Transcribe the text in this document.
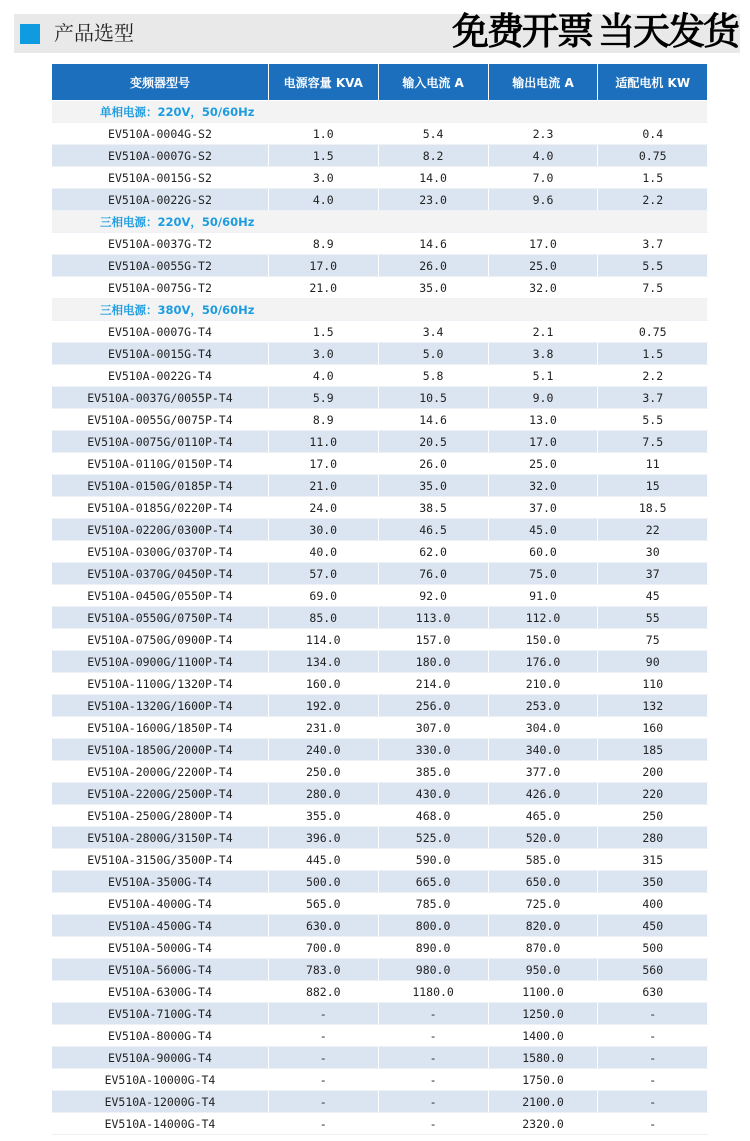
产品选型
变频器型号	电源容量 KVA	输入电流 A	输出电流 A	适配电机 KW
单相电源：220V，50/60Hz				
EV510A-0004G-S2	1.0	5.4	2.3	0.4
EV510A-0007G-S2	1.5	8.2	4.0	0.75
EV510A-0015G-S2	3.0	14.0	7.0	1.5
EV510A-0022G-S2	4.0	23.0	9.6	2.2
三相电源：220V，50/60Hz				
EV510A-0037G-T2	8.9	14.6	17.0	3.7
EV510A-0055G-T2	17.0	26.0	25.0	5.5
EV510A-0075G-T2	21.0	35.0	32.0	7.5
三相电源：380V，50/60Hz				
EV510A-0007G-T4	1.5	3.4	2.1	0.75
EV510A-0015G-T4	3.0	5.0	3.8	1.5
EV510A-0022G-T4	4.0	5.8	5.1	2.2
EV510A-0037G/0055P-T4	5.9	10.5	9.0	3.7
EV510A-0055G/0075P-T4	8.9	14.6	13.0	5.5
EV510A-0075G/0110P-T4	11.0	20.5	17.0	7.5
EV510A-0110G/0150P-T4	17.0	26.0	25.0	11
EV510A-0150G/0185P-T4	21.0	35.0	32.0	15
EV510A-0185G/0220P-T4	24.0	38.5	37.0	18.5
EV510A-0220G/0300P-T4	30.0	46.5	45.0	22
EV510A-0300G/0370P-T4	40.0	62.0	60.0	30
EV510A-0370G/0450P-T4	57.0	76.0	75.0	37
EV510A-0450G/0550P-T4	69.0	92.0	91.0	45
EV510A-0550G/0750P-T4	85.0	113.0	112.0	55
EV510A-0750G/0900P-T4	114.0	157.0	150.0	75
EV510A-0900G/1100P-T4	134.0	180.0	176.0	90
EV510A-1100G/1320P-T4	160.0	214.0	210.0	110
EV510A-1320G/1600P-T4	192.0	256.0	253.0	132
EV510A-1600G/1850P-T4	231.0	307.0	304.0	160
EV510A-1850G/2000P-T4	240.0	330.0	340.0	185
EV510A-2000G/2200P-T4	250.0	385.0	377.0	200
EV510A-2200G/2500P-T4	280.0	430.0	426.0	220
EV510A-2500G/2800P-T4	355.0	468.0	465.0	250
EV510A-2800G/3150P-T4	396.0	525.0	520.0	280
EV510A-3150G/3500P-T4	445.0	590.0	585.0	315
EV510A-3500G-T4	500.0	665.0	650.0	350
EV510A-4000G-T4	565.0	785.0	725.0	400
EV510A-4500G-T4	630.0	800.0	820.0	450
EV510A-5000G-T4	700.0	890.0	870.0	500
EV510A-5600G-T4	783.0	980.0	950.0	560
EV510A-6300G-T4	882.0	1180.0	1100.0	630
EV510A-7100G-T4	-	-	1250.0	-
EV510A-8000G-T4	-	-	1400.0	-
EV510A-9000G-T4	-	-	1580.0	-
EV510A-10000G-T4	-	-	1750.0	-
EV510A-12000G-T4	-	-	2100.0	-
EV510A-14000G-T4	-	-	2320.0	-
免费开票 当天发货
